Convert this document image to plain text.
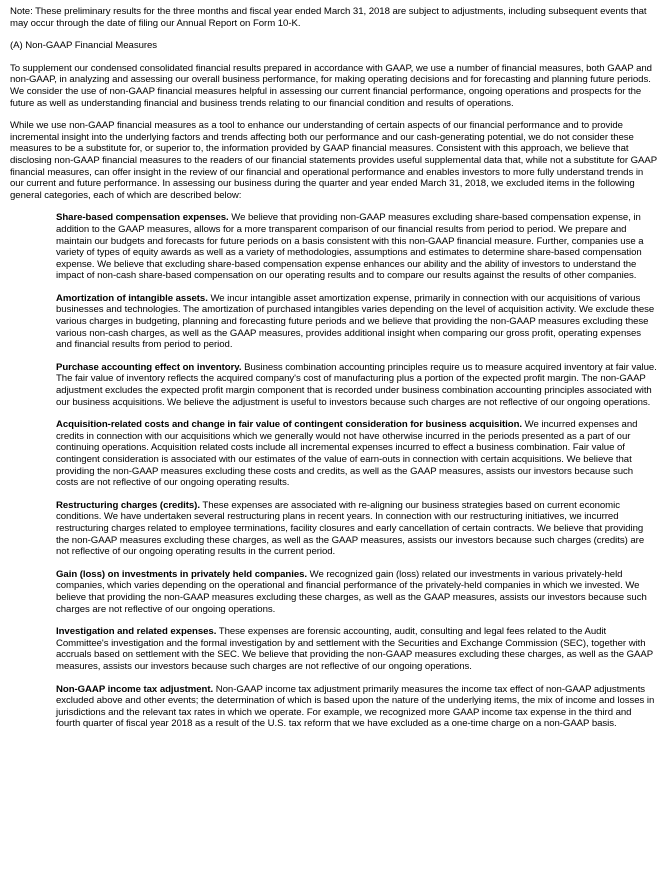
Note: These preliminary results for the three months and fiscal year ended March 31, 2018 are subject to adjustments, including subsequent events that may occur through the date of filing our Annual Report on Form 10-K.

(A) Non-GAAP Financial Measures

To supplement our condensed consolidated financial results prepared in accordance with GAAP, we use a number of financial measures, both GAAP and non-GAAP, in analyzing and assessing our overall business performance, for making operating decisions and for forecasting and planning future periods. We consider the use of non-GAAP financial measures helpful in assessing our current financial performance, ongoing operations and prospects for the future as well as understanding financial and business trends relating to our financial condition and results of operations.

While we use non-GAAP financial measures as a tool to enhance our understanding of certain aspects of our financial performance and to provide incremental insight into the underlying factors and trends affecting both our performance and our cash-generating potential, we do not consider these measures to be a substitute for, or superior to, the information provided by GAAP financial measures. Consistent with this approach, we believe that disclosing non-GAAP financial measures to the readers of our financial statements provides useful supplemental data that, while not a substitute for GAAP financial measures, can offer insight in the review of our financial and operational performance and enables investors to more fully understand trends in our current and future performance. In assessing our business during the quarter and year ended March 31, 2018, we excluded items in the following general categories, each of which are described below:

Share-based compensation expenses. We believe that providing non-GAAP measures excluding share-based compensation expense, in addition to the GAAP measures, allows for a more transparent comparison of our financial results from period to period. We prepare and maintain our budgets and forecasts for future periods on a basis consistent with this non-GAAP financial measure. Further, companies use a variety of types of equity awards as well as a variety of methodologies, assumptions and estimates to determine share-based compensation expense. We believe that excluding share-based compensation expense enhances our ability and the ability of investors to understand the impact of non-cash share-based compensation on our operating results and to compare our results against the results of other companies.

Amortization of intangible assets. We incur intangible asset amortization expense, primarily in connection with our acquisitions of various businesses and technologies. The amortization of purchased intangibles varies depending on the level of acquisition activity. We exclude these various charges in budgeting, planning and forecasting future periods and we believe that providing the non-GAAP measures excluding these various non-cash charges, as well as the GAAP measures, provides additional insight when comparing our gross profit, operating expenses and financial results from period to period.

Purchase accounting effect on inventory. Business combination accounting principles require us to measure acquired inventory at fair value. The fair value of inventory reflects the acquired company's cost of manufacturing plus a portion of the expected profit margin. The non-GAAP adjustment excludes the expected profit margin component that is recorded under business combination accounting principles associated with our business acquisitions. We believe the adjustment is useful to investors because such charges are not reflective of our ongoing operations.

Acquisition-related costs and change in fair value of contingent consideration for business acquisition. We incurred expenses and credits in connection with our acquisitions which we generally would not have otherwise incurred in the periods presented as a part of our continuing operations. Acquisition related costs include all incremental expenses incurred to effect a business combination. Fair value of contingent consideration is associated with our estimates of the value of earn-outs in connection with certain acquisitions. We believe that providing the non-GAAP measures excluding these costs and credits, as well as the GAAP measures, assists our investors because such costs are not reflective of our ongoing operating results.

Restructuring charges (credits). These expenses are associated with re-aligning our business strategies based on current economic conditions. We have undertaken several restructuring plans in recent years. In connection with our restructuring initiatives, we incurred restructuring charges related to employee terminations, facility closures and early cancellation of certain contracts. We believe that providing the non-GAAP measures excluding these charges, as well as the GAAP measures, assists our investors because such charges (credits) are not reflective of our ongoing operating results in the current period.

Gain (loss) on investments in privately held companies. We recognized gain (loss) related our investments in various privately-held companies, which varies depending on the operational and financial performance of the privately-held companies in which we invested. We believe that providing the non-GAAP measures excluding these charges, as well as the GAAP measures, assists our investors because such charges are not reflective of our ongoing operations.

Investigation and related expenses. These expenses are forensic accounting, audit, consulting and legal fees related to the Audit Committee's investigation and the formal investigation by and settlement with the Securities and Exchange Commission (SEC), together with accruals based on settlement with the SEC. We believe that providing the non-GAAP measures excluding these charges, as well as the GAAP measures, assists our investors because such charges are not reflective of our ongoing operations.

Non-GAAP income tax adjustment. Non-GAAP income tax adjustment primarily measures the income tax effect of non-GAAP adjustments excluded above and other events; the determination of which is based upon the nature of the underlying items, the mix of income and losses in jurisdictions and the relevant tax rates in which we operate. For example, we recognized more GAAP income tax expense in the third and fourth quarter of fiscal year 2018 as a result of the U.S. tax reform that we have excluded as a one-time charge on a non-GAAP basis.
